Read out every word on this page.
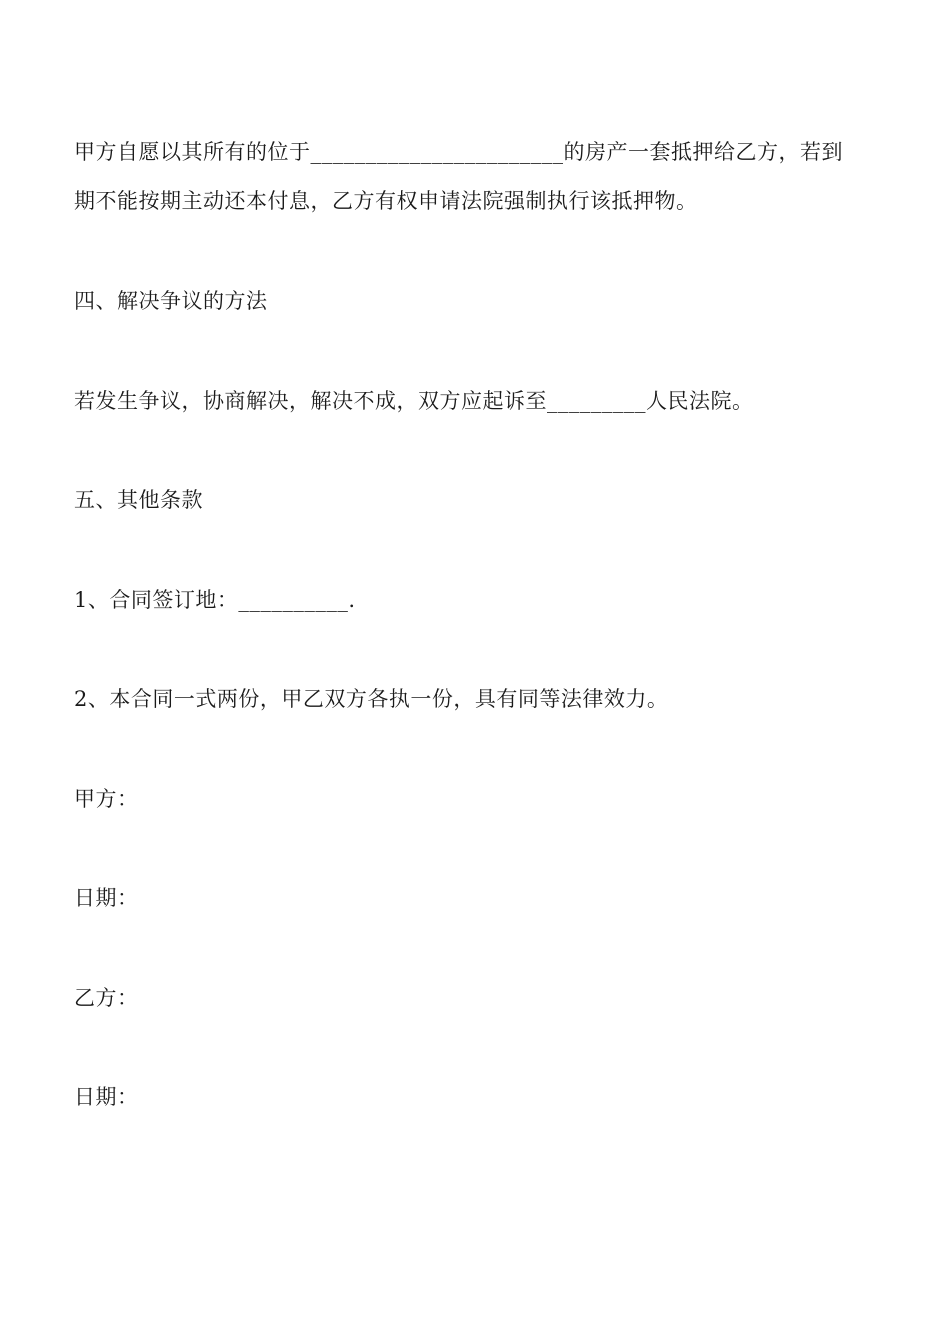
甲方自愿以其所有的位于_______________________的房产一套抵押给乙方，若到
期不能按期主动还本付息，乙方有权申请法院强制执行该抵押物。
四、解决争议的方法
若发生争议，协商解决，解决不成，双方应起诉至_________人民法院。
五、其他条款
1、合同签订地：__________.
2、本合同一式两份，甲乙双方各执一份，具有同等法律效力。
甲方：
日期：
乙方：
日期：
